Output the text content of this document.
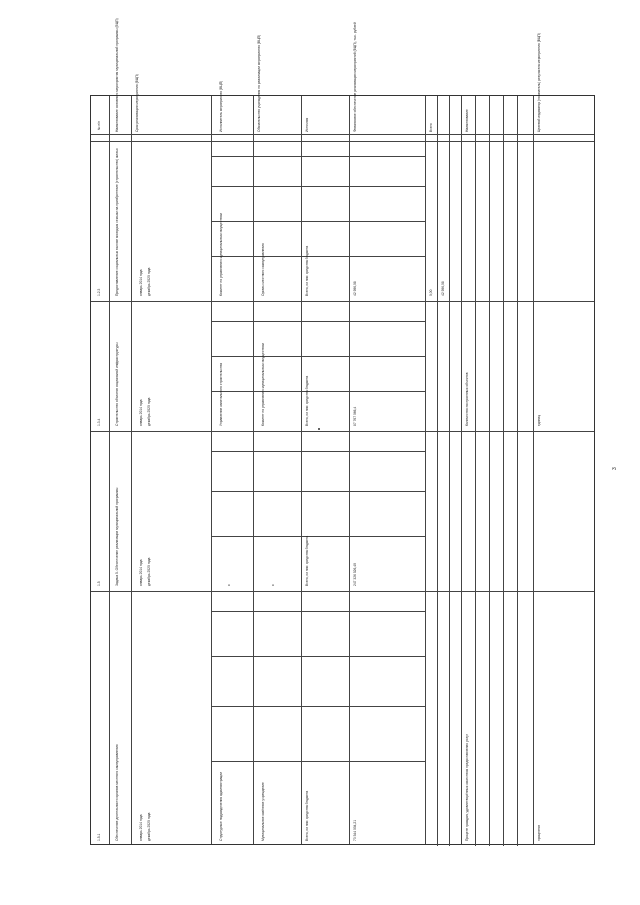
№ п/п	Наименование основного мероприятия муниципальной программы (ВЦП)	Срок реализации мероприятия (ВЦП)	Исполнитель мероприятия (ВЦП)	Обязательство учреждения по реализации мероприятия (ВЦП)	Источник	Финансовое обеспечение реализации мероприятий (ВЦП), тыс. рублей	Всего	Наименование	Целевой индикатор (показатель) результата мероприятия (ВЦП)
1.2.3	Предоставление социальных выплат молодым семьям на приобретение (строительство) жилья	январь 2014 года декабрь 2020 года	Комитет по управлению муниципальным имуществом	Органы местного самоуправления	Всего, из них: средства бюджета	42 996,08	0,00 42 996,08
1.3.4	Строительство объектов социальной инфраструктуры	январь 2014 года декабрь 2020 года	Управление капитального строительства	Комитет по управлению муниципальным имуществом	Всего, из них: средства бюджета	87 767 066,4	Количество построенных объектов	единиц
1.5	Задача 5. Обеспечение реализации муниципальной программы	январь 2014 года декабрь 2020 года	х	х	Всего, из них: средства бюджета	247 326 526,49
1.5.1	Обеспечение деятельности органов местного самоуправления	январь 2014 года декабрь 2020 года	Структурные подразделения администрации	Муниципальное казённое учреждение	Всего, из них: средства бюджета	73 544 004,21	Процент граждан, удовлетворённых качеством предоставления услуг	процентов
3
